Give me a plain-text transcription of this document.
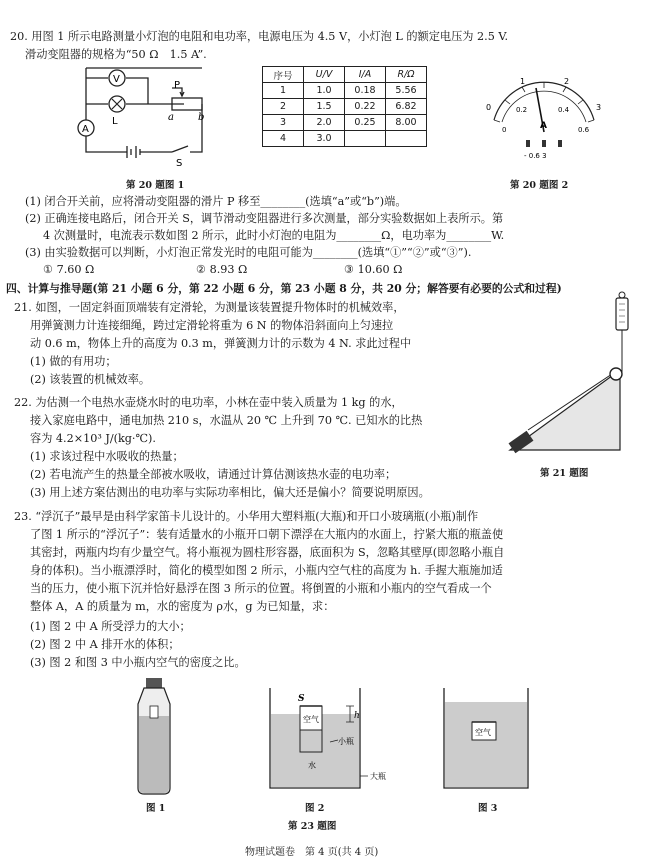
20. 用图 1 所示电路测量小灯泡的电阻和电功率，电源电压为 4.5 V，小灯泡 L 的额定电压为 2.5 V.
滑动变阻器的规格为“50 Ω　1.5 A”.
V
A
L
P
a b
S
第 20 题图 1
序号	U/V	I/A	R/Ω
1	1.0	0.18	5.56
2	1.5	0.22	6.82
3	2.0	0.25	8.00
4	3.0		
0
1	2
3
0
0.2	0.4
0.6
A
- 0.6 3
第 20 题图 2
(1) 闭合开关前，应将滑动变阻器的滑片 P 移至________(选填“a”或“b”)端。
(2) 正确连接电路后，闭合开关 S，调节滑动变阻器进行多次测量，部分实验数据如上表所示。第
4 次测量时，电流表示数如图 2 所示，此时小灯泡的电阻为________Ω，电功率为________W.
(3) 由实验数据可以判断，小灯泡正常发光时的电阻可能为________(选填“①”“②”或“③”).
① 7.60 Ω	② 8.93 Ω	③ 10.60 Ω
四、计算与推导题(第 21 小题 6 分，第 22 小题 6 分，第 23 小题 8 分，共 20 分；解答要有必要的公式和过程)
21. 如图，一固定斜面顶端装有定滑轮，为测量该装置提升物体时的机械效率，
用弹簧测力计连接细绳，跨过定滑轮将重为 6 N 的物体沿斜面向上匀速拉
动 0.6 m，物体上升的高度为 0.3 m，弹簧测力计的示数为 4 N. 求此过程中
(1) 做的有用功；
(2) 该装置的机械效率。
第 21 题图
22. 为估测一个电热水壶烧水时的电功率，小林在壶中装入质量为 1 kg 的水，
接入家庭电路中，通电加热 210 s，水温从 20 ℃ 上升到 70 ℃. 已知水的比热
容为 4.2×10³ J/(kg·℃).
(1) 求该过程中水吸收的热量；
(2) 若电流产生的热量全部被水吸收，请通过计算估测该热水壶的电功率；
(3) 用上述方案估测出的电功率与实际功率相比，偏大还是偏小？简要说明原因。
23. “浮沉子”最早是由科学家笛卡儿设计的。小华用大塑料瓶(大瓶)和开口小玻璃瓶(小瓶)制作
了图 1 所示的“浮沉子”：装有适量水的小瓶开口朝下漂浮在大瓶内的水面上，拧紧大瓶的瓶盖使
其密封，两瓶内均有少量空气。将小瓶视为圆柱形容器，底面积为 S，忽略其壁厚(即忽略小瓶自
身的体积)。当小瓶漂浮时，简化的模型如图 2 所示，小瓶内空气柱的高度为 h. 手握大瓶施加适
当的压力，使小瓶下沉并恰好悬浮在图 3 所示的位置。将倒置的小瓶和小瓶内的空气看成一个
整体 A，A 的质量为 m，水的密度为 ρ水，g 为已知量，求：
(1) 图 2 中 A 所受浮力的大小；
(2) 图 2 中 A 排开水的体积；
(3) 图 2 和图 3 中小瓶内空气的密度之比。
图 1
S
空气	h
小瓶
水
大瓶
图 2
空气
图 3
第 23 题图
物理试题卷　第 4 页(共 4 页)
